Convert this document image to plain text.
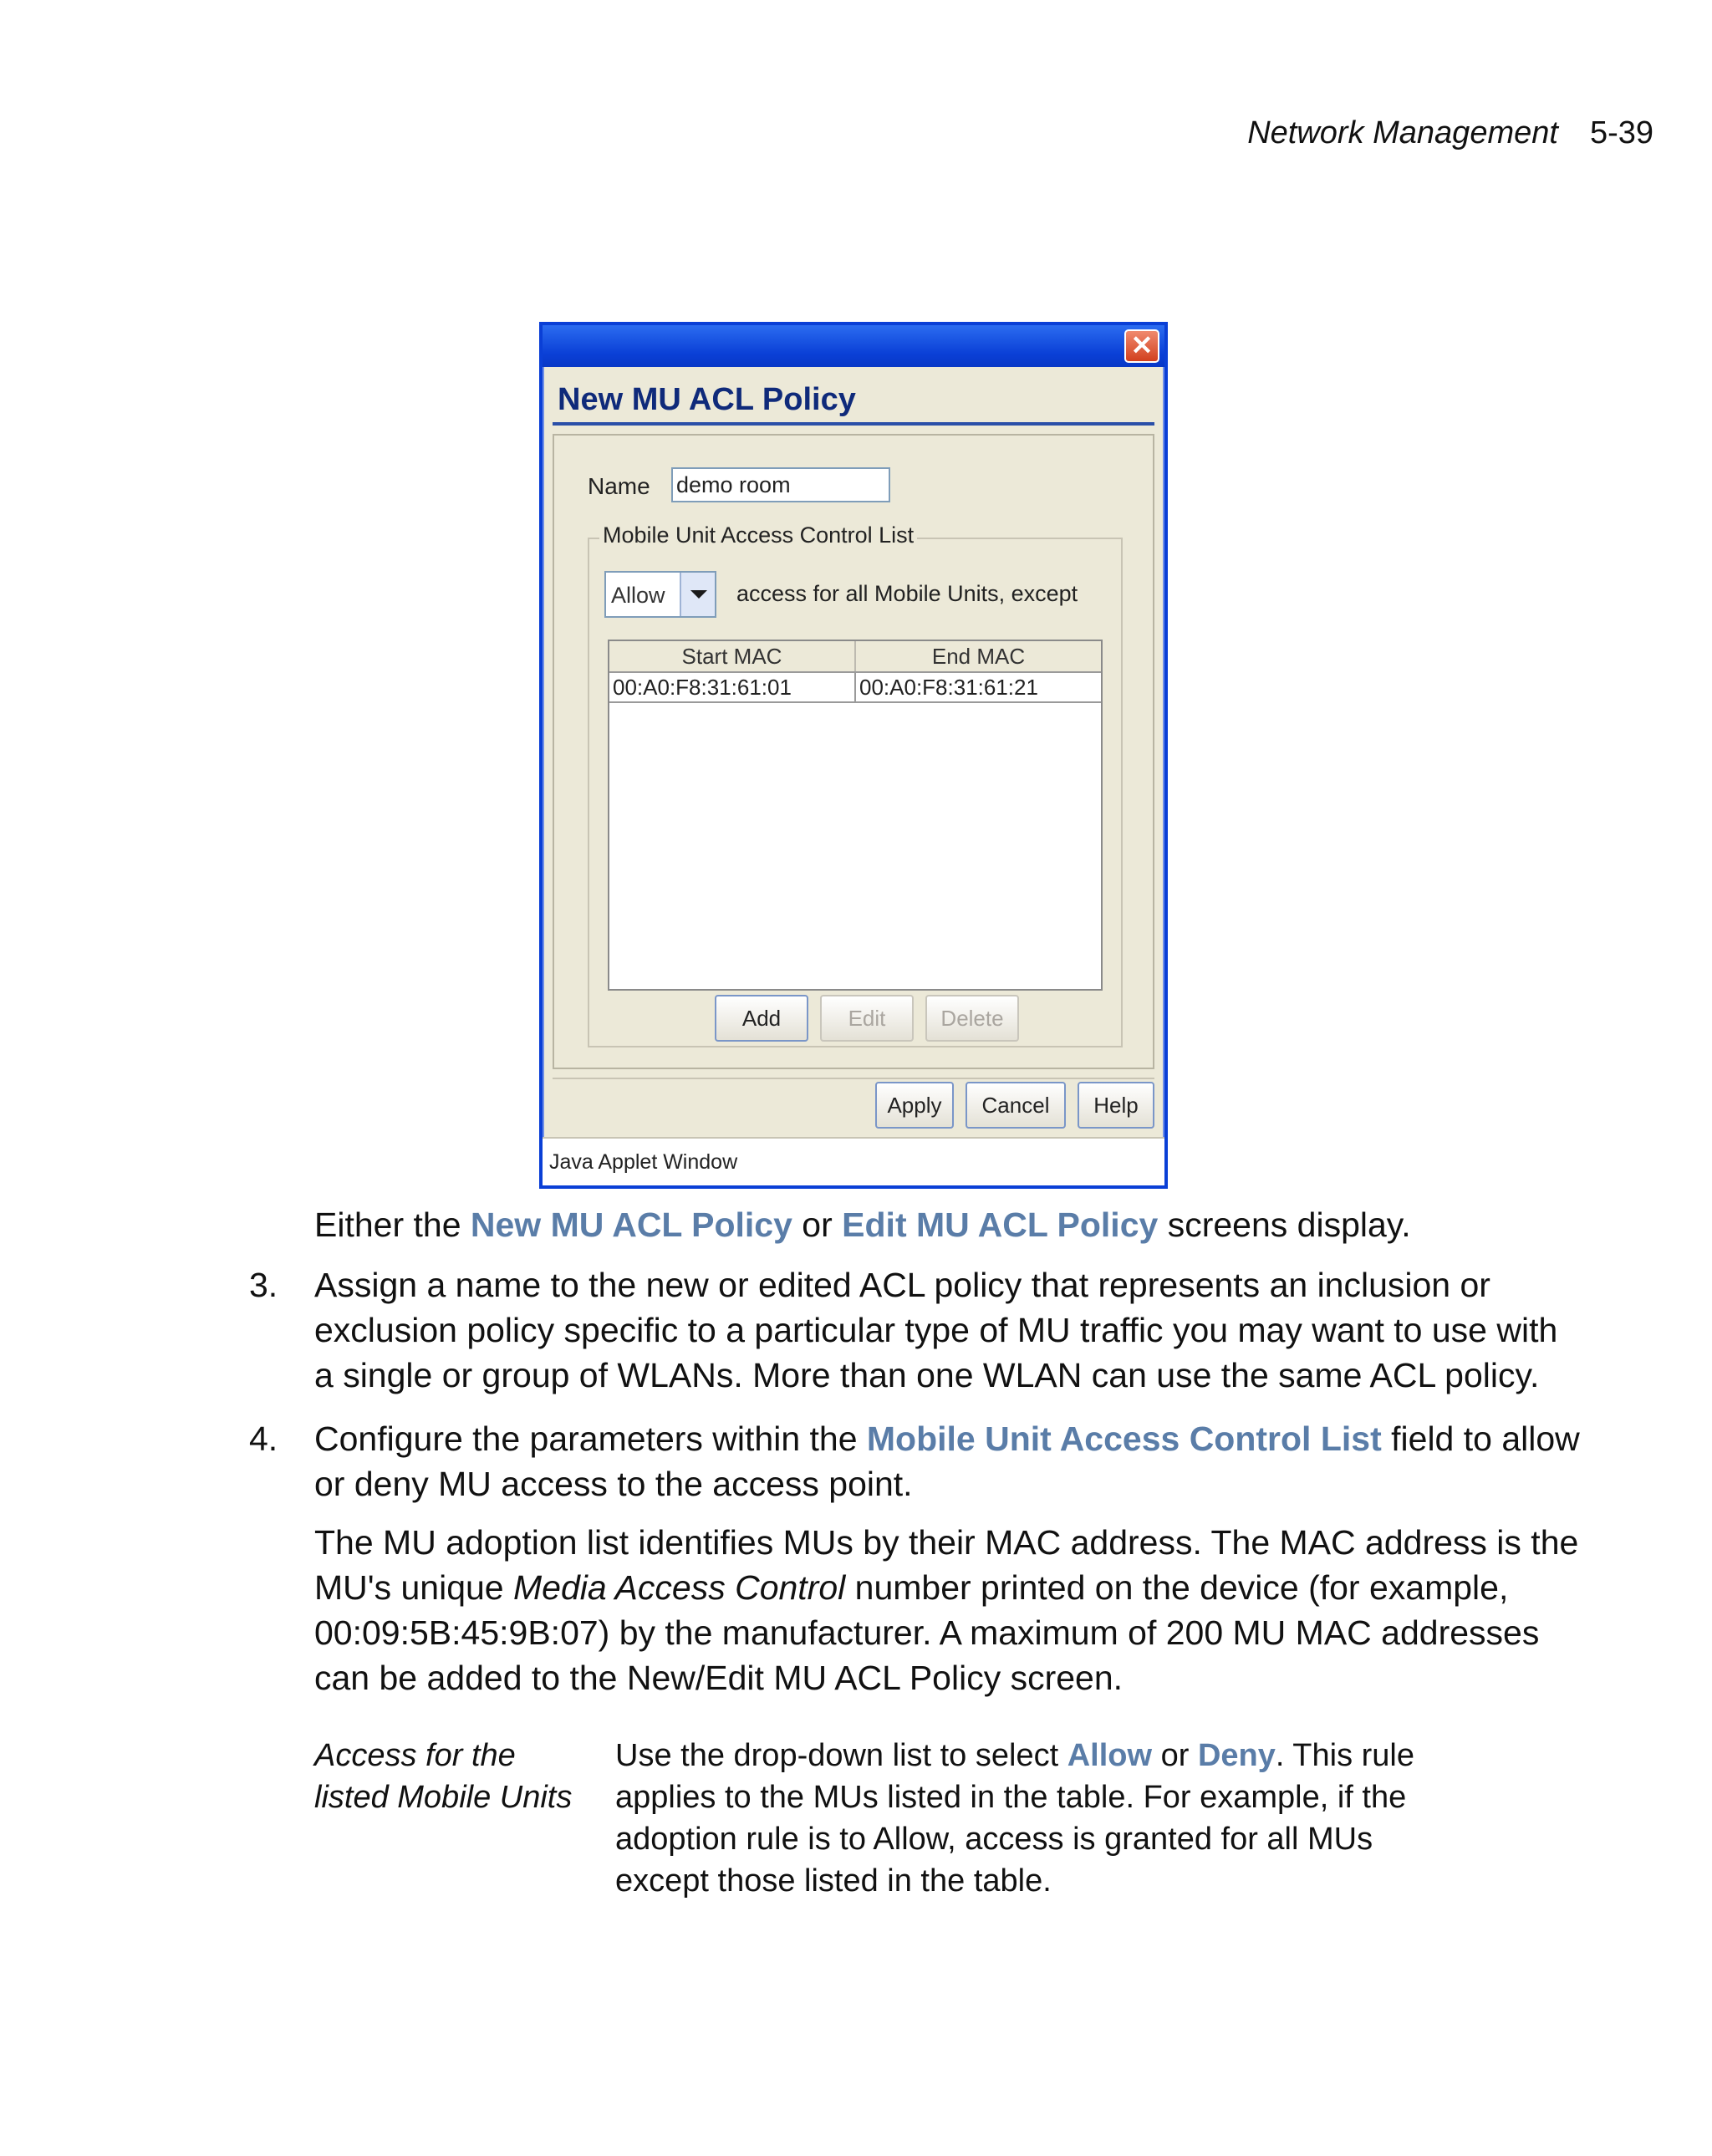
Network Management 5-39
✕
New MU ACL Policy
Name demo room
Mobile Unit Access Control List
Allow	access for all Mobile Units, except
Start MAC	End MAC
00:A0:F8:31:61:01	00:A0:F8:31:61:21
Add	Edit	Delete
Apply	Cancel	Help
Java Applet Window

Either the New MU ACL Policy or Edit MU ACL Policy screens display.

3. Assign a name to the new or edited ACL policy that represents an inclusion or exclusion policy specific to a particular type of MU traffic you may want to use with a single or group of WLANs. More than one WLAN can use the same ACL policy.

4. Configure the parameters within the Mobile Unit Access Control List field to allow or deny MU access to the access point.

The MU adoption list identifies MUs by their MAC address. The MAC address is the MU's unique Media Access Control number printed on the device (for example, 00:09:5B:45:9B:07) by the manufacturer. A maximum of 200 MU MAC addresses can be added to the New/Edit MU ACL Policy screen.

Access for the listed Mobile Units
Use the drop-down list to select Allow or Deny. This rule applies to the MUs listed in the table. For example, if the adoption rule is to Allow, access is granted for all MUs except those listed in the table.
